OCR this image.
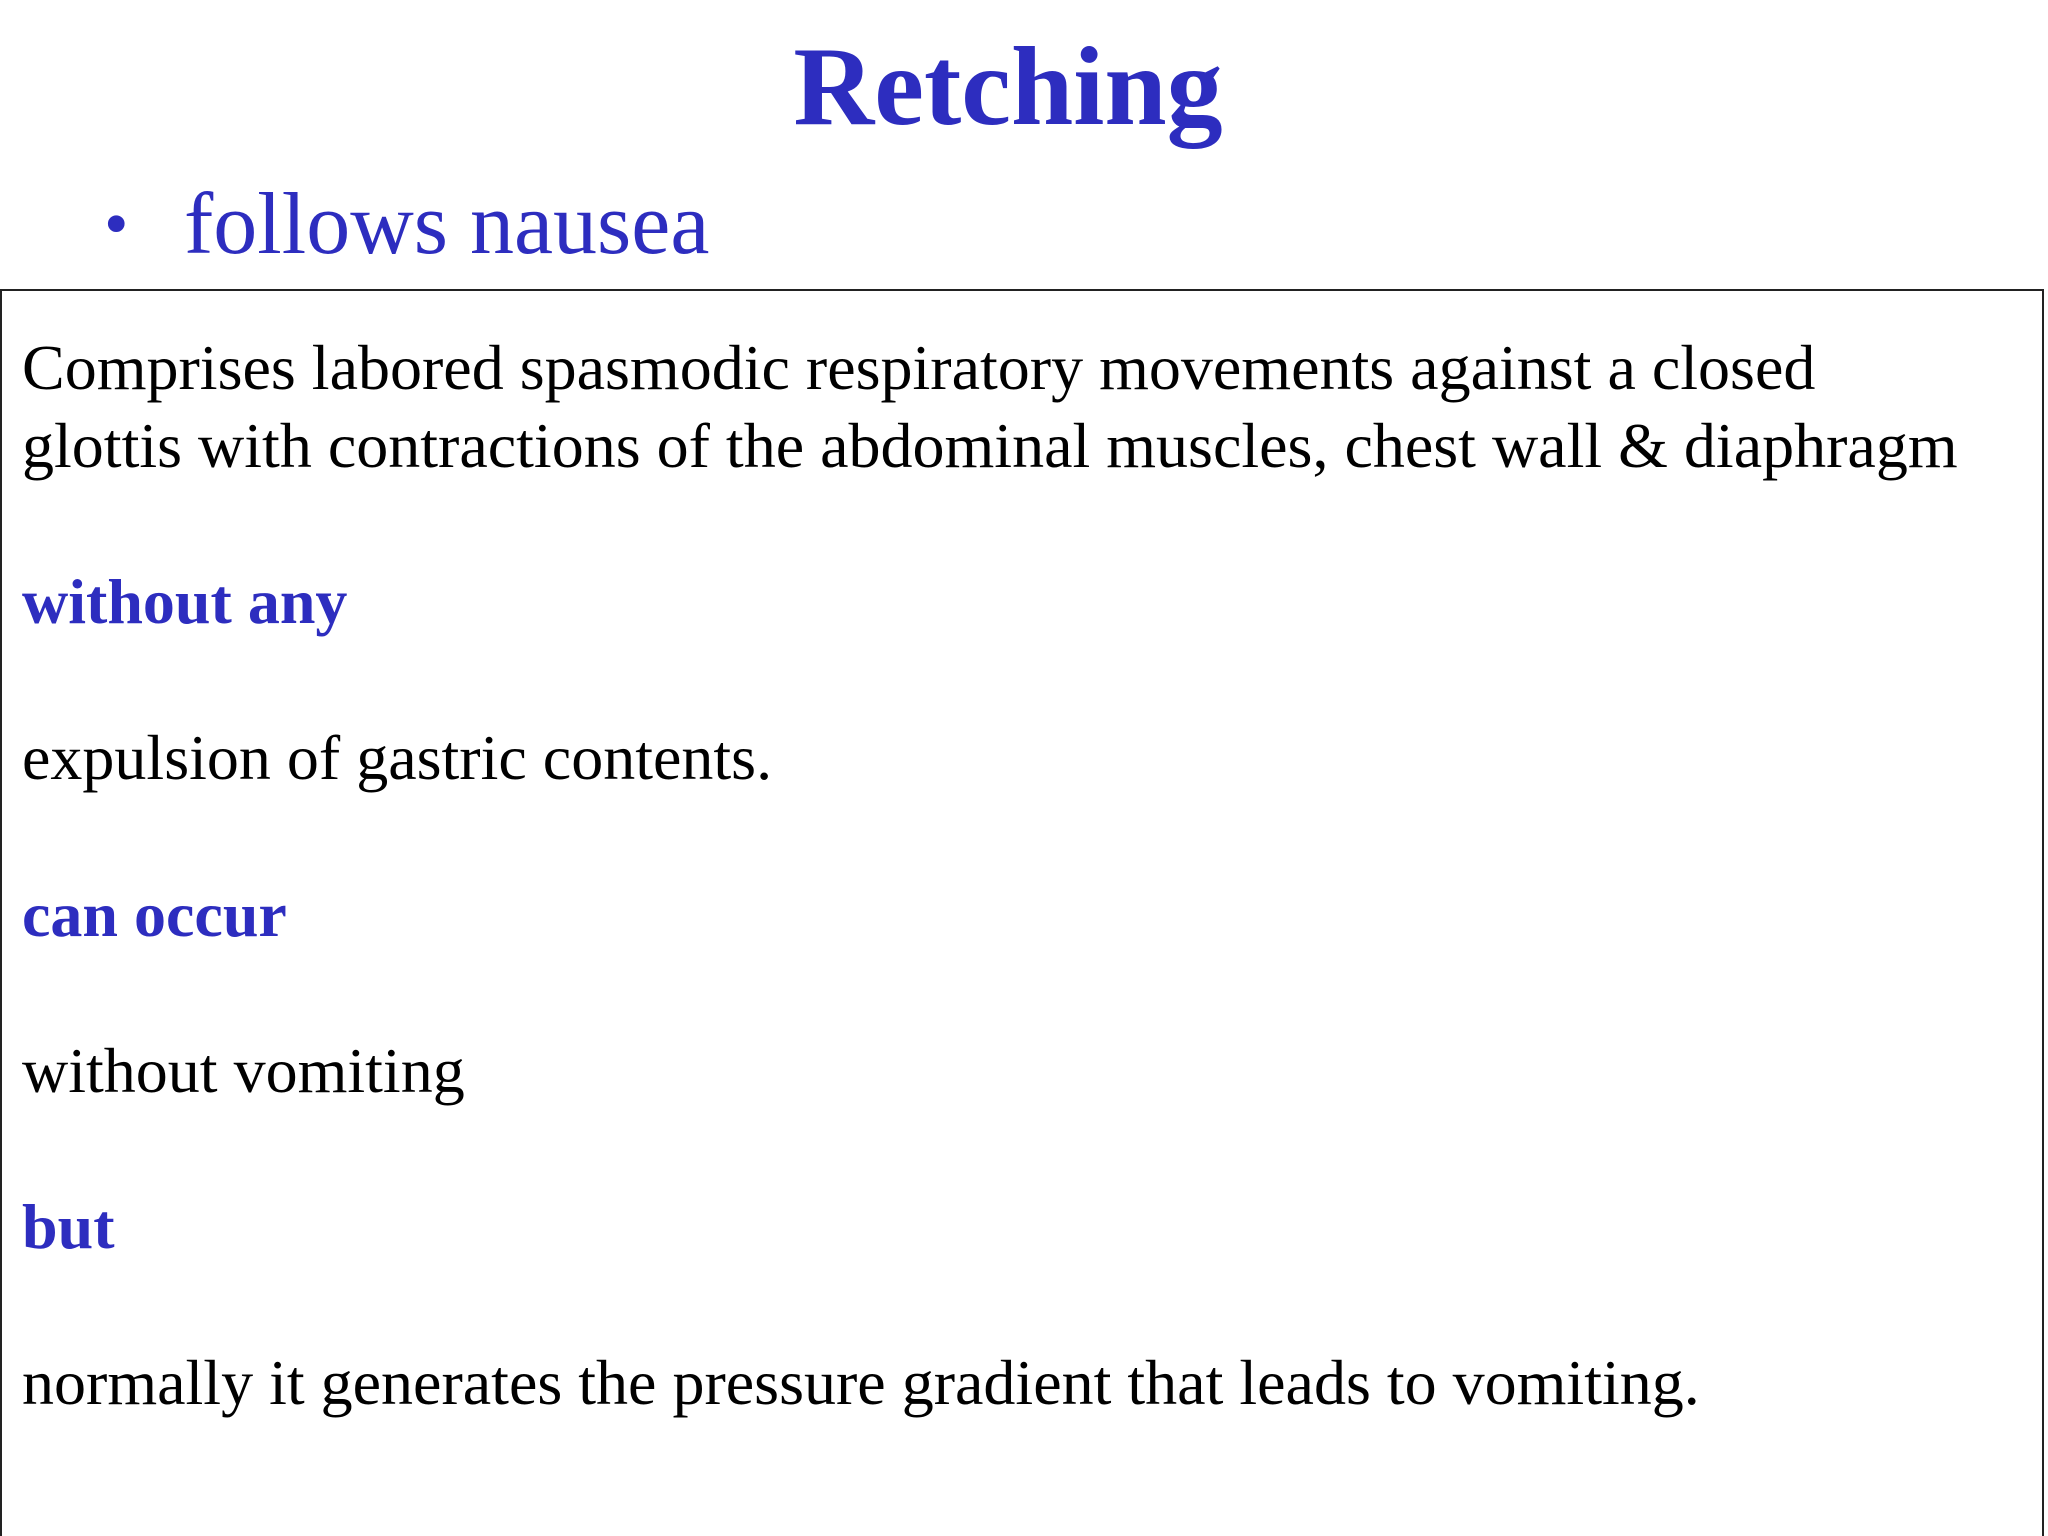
Retching
• follows nausea

Comprises labored spasmodic respiratory movements against a closed

glottis with contractions of the abdominal muscles, chest wall & diaphragm

without any

expulsion of gastric contents.

can occur

without vomiting

but

normally it generates the pressure gradient that leads to vomiting.
